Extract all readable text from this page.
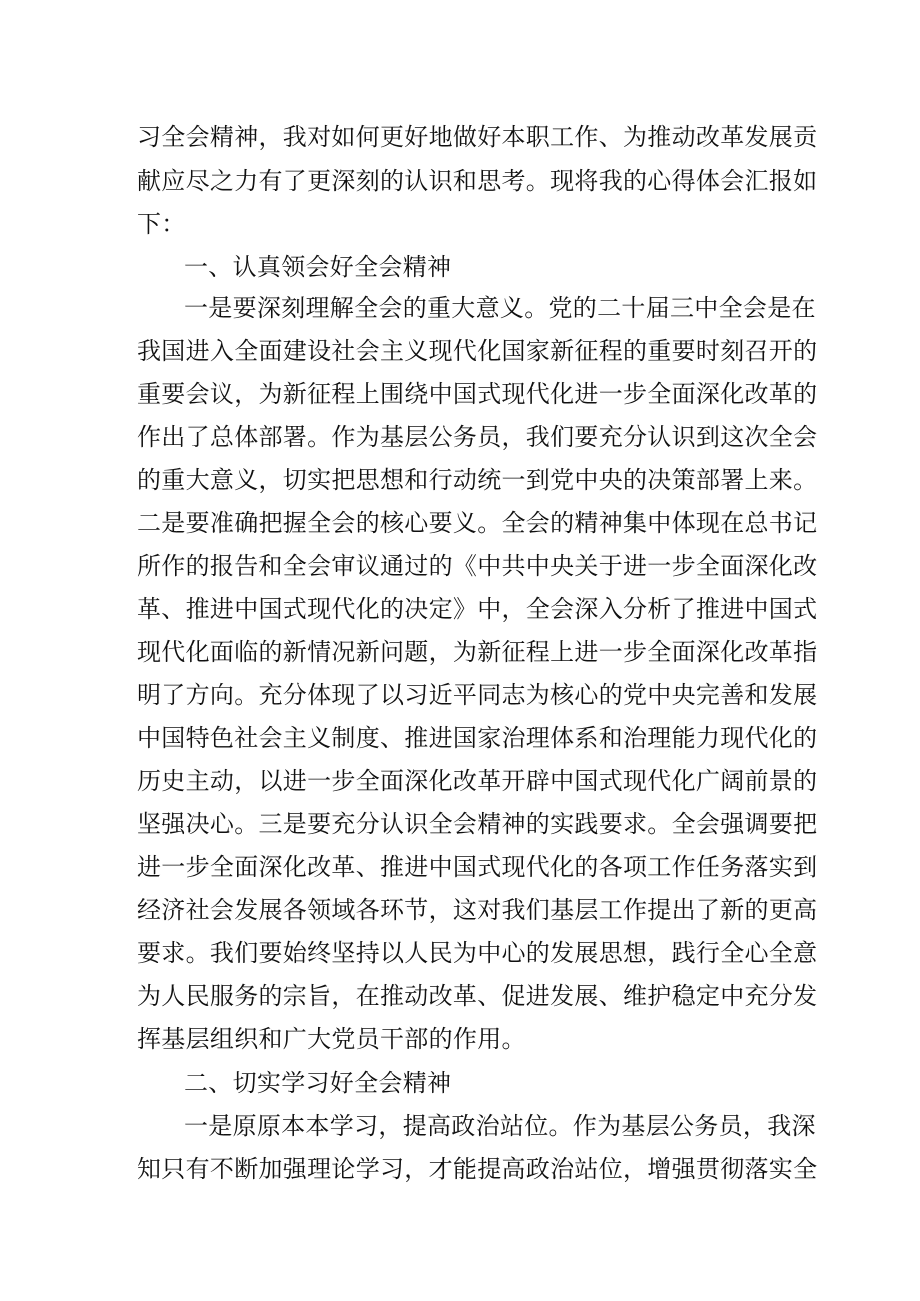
习全会精神，我对如何更好地做好本职工作、为推动改革发展贡
献应尽之力有了更深刻的认识和思考。现将我的心得体会汇报如
下：
一、认真领会好全会精神
一是要深刻理解全会的重大意义。党的二十届三中全会是在
我国进入全面建设社会主义现代化国家新征程的重要时刻召开的
重要会议，为新征程上围绕中国式现代化进一步全面深化改革的
作出了总体部署。作为基层公务员，我们要充分认识到这次全会
的重大意义，切实把思想和行动统一到党中央的决策部署上来。
二是要准确把握全会的核心要义。全会的精神集中体现在总书记
所作的报告和全会审议通过的《中共中央关于进一步全面深化改
革、推进中国式现代化的决定》中，全会深入分析了推进中国式
现代化面临的新情况新问题，为新征程上进一步全面深化改革指
明了方向。充分体现了以习近平同志为核心的党中央完善和发展
中国特色社会主义制度、推进国家治理体系和治理能力现代化的
历史主动，以进一步全面深化改革开辟中国式现代化广阔前景的
坚强决心。三是要充分认识全会精神的实践要求。全会强调要把
进一步全面深化改革、推进中国式现代化的各项工作任务落实到
经济社会发展各领域各环节，这对我们基层工作提出了新的更高
要求。我们要始终坚持以人民为中心的发展思想，践行全心全意
为人民服务的宗旨，在推动改革、促进发展、维护稳定中充分发
挥基层组织和广大党员干部的作用。
二、切实学习好全会精神
一是原原本本学习，提高政治站位。作为基层公务员，我深
知只有不断加强理论学习，才能提高政治站位，增强贯彻落实全
